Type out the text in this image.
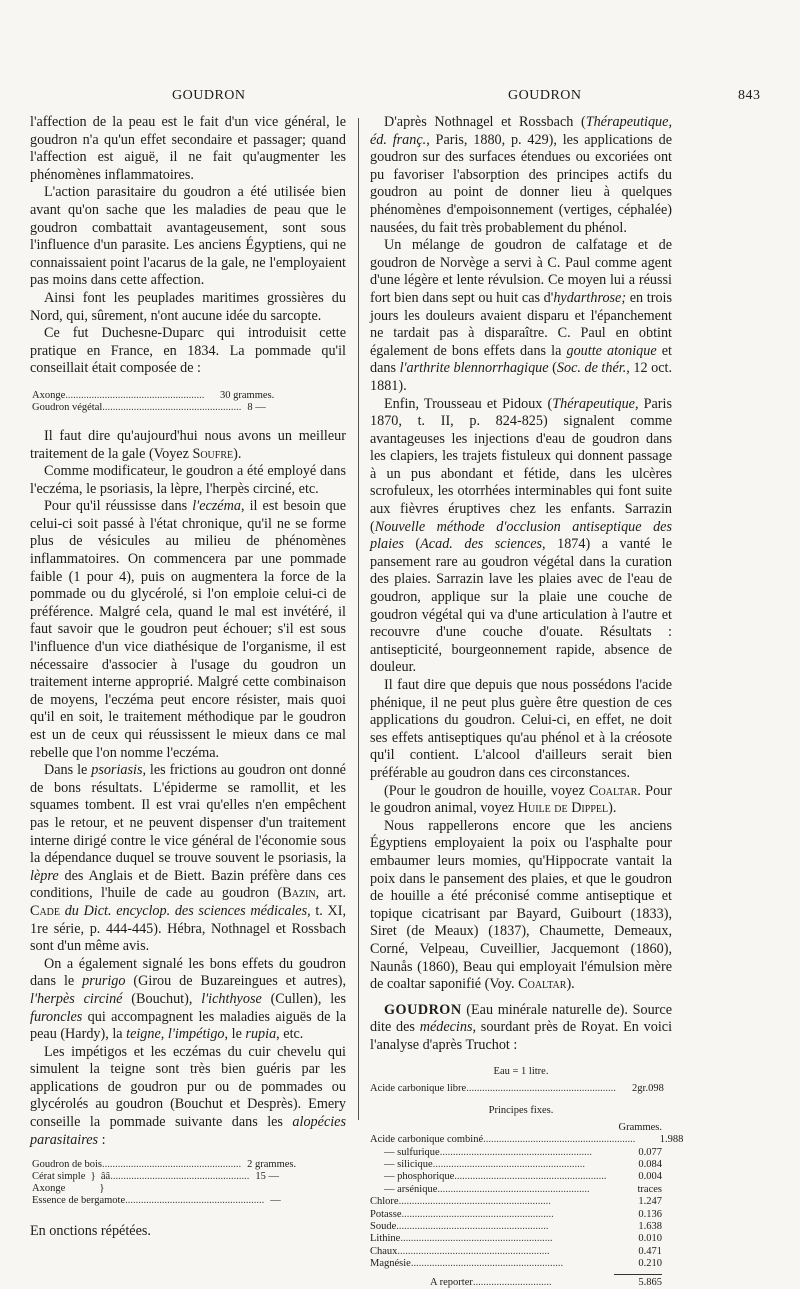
GOUDRON	GOUDRON	843

l'affection de la peau est le fait d'un vice général, le goudron n'a qu'un effet secondaire et passager; quand l'affection est aiguë, il ne fait qu'augmenter les phénomènes inflammatoires.

L'action parasitaire du goudron a été utilisée bien avant qu'on sache que les maladies de peau que le goudron combattait avantageusement, sont sous l'influence d'un parasite. Les anciens Égyptiens, qui ne connaissaient point l'acarus de la gale, ne l'employaient pas moins dans cette affection.

Ainsi font les peuplades maritimes grossières du Nord, qui, sûrement, n'ont aucune idée du sarcopte.

Ce fut Duchesne-Duparc qui introduisit cette pratique en France, en 1834. La pommade qu'il conseillait était composée de :

Axonge .....................................................	30 grammes.
Goudron végétal ..................................................... 8 —

Il faut dire qu'aujourd'hui nous avons un meilleur traitement de la gale (Voyez Soufre).

Comme modificateur, le goudron a été employé dans l'eczéma, le psoriasis, la lèpre, l'herpès circiné, etc.

Pour qu'il réussisse dans l'eczéma, il est besoin que celui-ci soit passé à l'état chronique, qu'il ne se forme plus de vésicules au milieu de phénomènes inflammatoires. On commencera par une pommade faible (1 pour 4), puis on augmentera la force de la pommade ou du glycérolé, si l'on emploie celui-ci de préférence. Malgré cela, quand le mal est invétéré, il faut savoir que le goudron peut échouer; s'il est sous l'influence d'un vice diathésique de l'organisme, il est nécessaire d'associer à l'usage du goudron un traitement interne approprié. Malgré cette combinaison de moyens, l'eczéma peut encore résister, mais quoi qu'il en soit, le traitement méthodique par le goudron est un de ceux qui réussissent le mieux dans ce mal rebelle que l'on nomme l'eczéma.

Dans le psoriasis, les frictions au goudron ont donné de bons résultats. L'épiderme se ramollit, et les squames tombent. Il est vrai qu'elles n'en empêchent pas le retour, et ne peuvent dispenser d'un traitement interne dirigé contre le vice général de l'économie sous la dépendance duquel se trouve souvent le psoriasis, la lèpre des Anglais et de Biett. Bazin préfère dans ces conditions, l'huile de cade au goudron (Bazin, art. Cade du Dict. encyclop. des sciences médicales, t. XI, 1re série, p. 444-445). Hébra, Nothnagel et Rossbach sont d'un même avis.

On a également signalé les bons effets du goudron dans le prurigo (Girou de Buzareingues et autres), l'herpès circiné (Bouchut), l'ichthyose (Cullen), les furoncles qui accompagnent les maladies aiguës de la peau (Hardy), la teigne, l'impétigo, le rupia, etc.

Les impétigos et les eczémas du cuir chevelu qui simulent la teigne sont très bien guéris par les applications de goudron pur ou de pommades ou glycérolés au goudron (Bouchut et Desprès). Emery conseille la pommade suivante dans les alopécies parasitaires :

Goudron de bois ..................................................... 2 grammes.
Cérat simple  }  ââ ..................................................... 15 —
Axonge             }
Essence de bergamote ..................................................... —

En onctions répétées.

D'après Nothnagel et Rossbach (Thérapeutique, éd. franç., Paris, 1880, p. 429), les applications de goudron sur des surfaces étendues ou excoriées ont pu favoriser l'absorption des principes actifs du goudron au point de donner lieu à quelques phénomènes d'empoisonnement (vertiges, céphalée) nausées, du fait très probablement du phénol.

Un mélange de goudron de calfatage et de goudron de Norvège a servi à C. Paul comme agent d'une légère et lente révulsion. Ce moyen lui a réussi fort bien dans sept ou huit cas d'hydarthrose; en trois jours les douleurs avaient disparu et l'épanchement ne tardait pas à disparaître. C. Paul en obtint également de bons effets dans la goutte atonique et dans l'arthrite blennorrhagique (Soc. de thér., 12 oct. 1881).

Enfin, Trousseau et Pidoux (Thérapeutique, Paris 1870, t. II, p. 824-825) signalent comme avantageuses les injections d'eau de goudron dans les clapiers, les trajets fistuleux qui donnent passage à un pus abondant et fétide, dans les ulcères scrofuleux, les otorrhées interminables qui font suite aux fièvres éruptives chez les enfants. Sarrazin (Nouvelle méthode d'occlusion antiseptique des plaies (Acad. des sciences, 1874) a vanté le pansement rare au goudron végétal dans la curation des plaies. Sarrazin lave les plaies avec de l'eau de goudron, applique sur la plaie une couche de goudron végétal qui va d'une articulation à l'autre et recouvre d'une couche d'ouate. Résultats : antisepticité, bourgeonnement rapide, absence de douleur.

Il faut dire que depuis que nous possédons l'acide phénique, il ne peut plus guère être question de ces applications du goudron. Celui-ci, en effet, ne doit ses effets antiseptiques qu'au phénol et à la créosote qu'il contient. L'alcool d'ailleurs serait bien préférable au goudron dans ces circonstances.

(Pour le goudron de houille, voyez Coaltar. Pour le goudron animal, voyez Huile de Dippel).

Nous rappellerons encore que les anciens Égyptiens employaient la poix ou l'asphalte pour embaumer leurs momies, qu'Hippocrate vantait la poix dans le pansement des plaies, et que le goudron de houille a été préconisé comme antiseptique et topique cicatrisant par Bayard, Guibourt (1833), Siret (de Meaux) (1837), Chaumette, Demeaux, Corné, Velpeau, Cuveillier, Jacquemont (1860), Naunås (1860), Beau qui employait l'émulsion mère de coaltar saponifié (Voy. Coaltar).

GOUDRON (Eau minérale naturelle de). Source dite des médecins, sourdant près de Royat. En voici l'analyse d'après Truchot :

Eau = 1 litre.
Acide carbonique libre .........................................................	2gr.098
Principes fixes.
Grammes.
Acide carbonique combiné ..........................................................	1.988
— sulfurique ..........................................................	0.077
— silicique ..........................................................	0.084
— phosphorique ..........................................................	0.004
— arsénique ..........................................................	traces
Chlore ..........................................................	1.247
Potasse ..........................................................	0.136
Soude ..........................................................	1.638
Lithine ..........................................................	0.010
Chaux ..........................................................	0.471
Magnésie ..........................................................	0.210
A reporter ..............................	5.865
